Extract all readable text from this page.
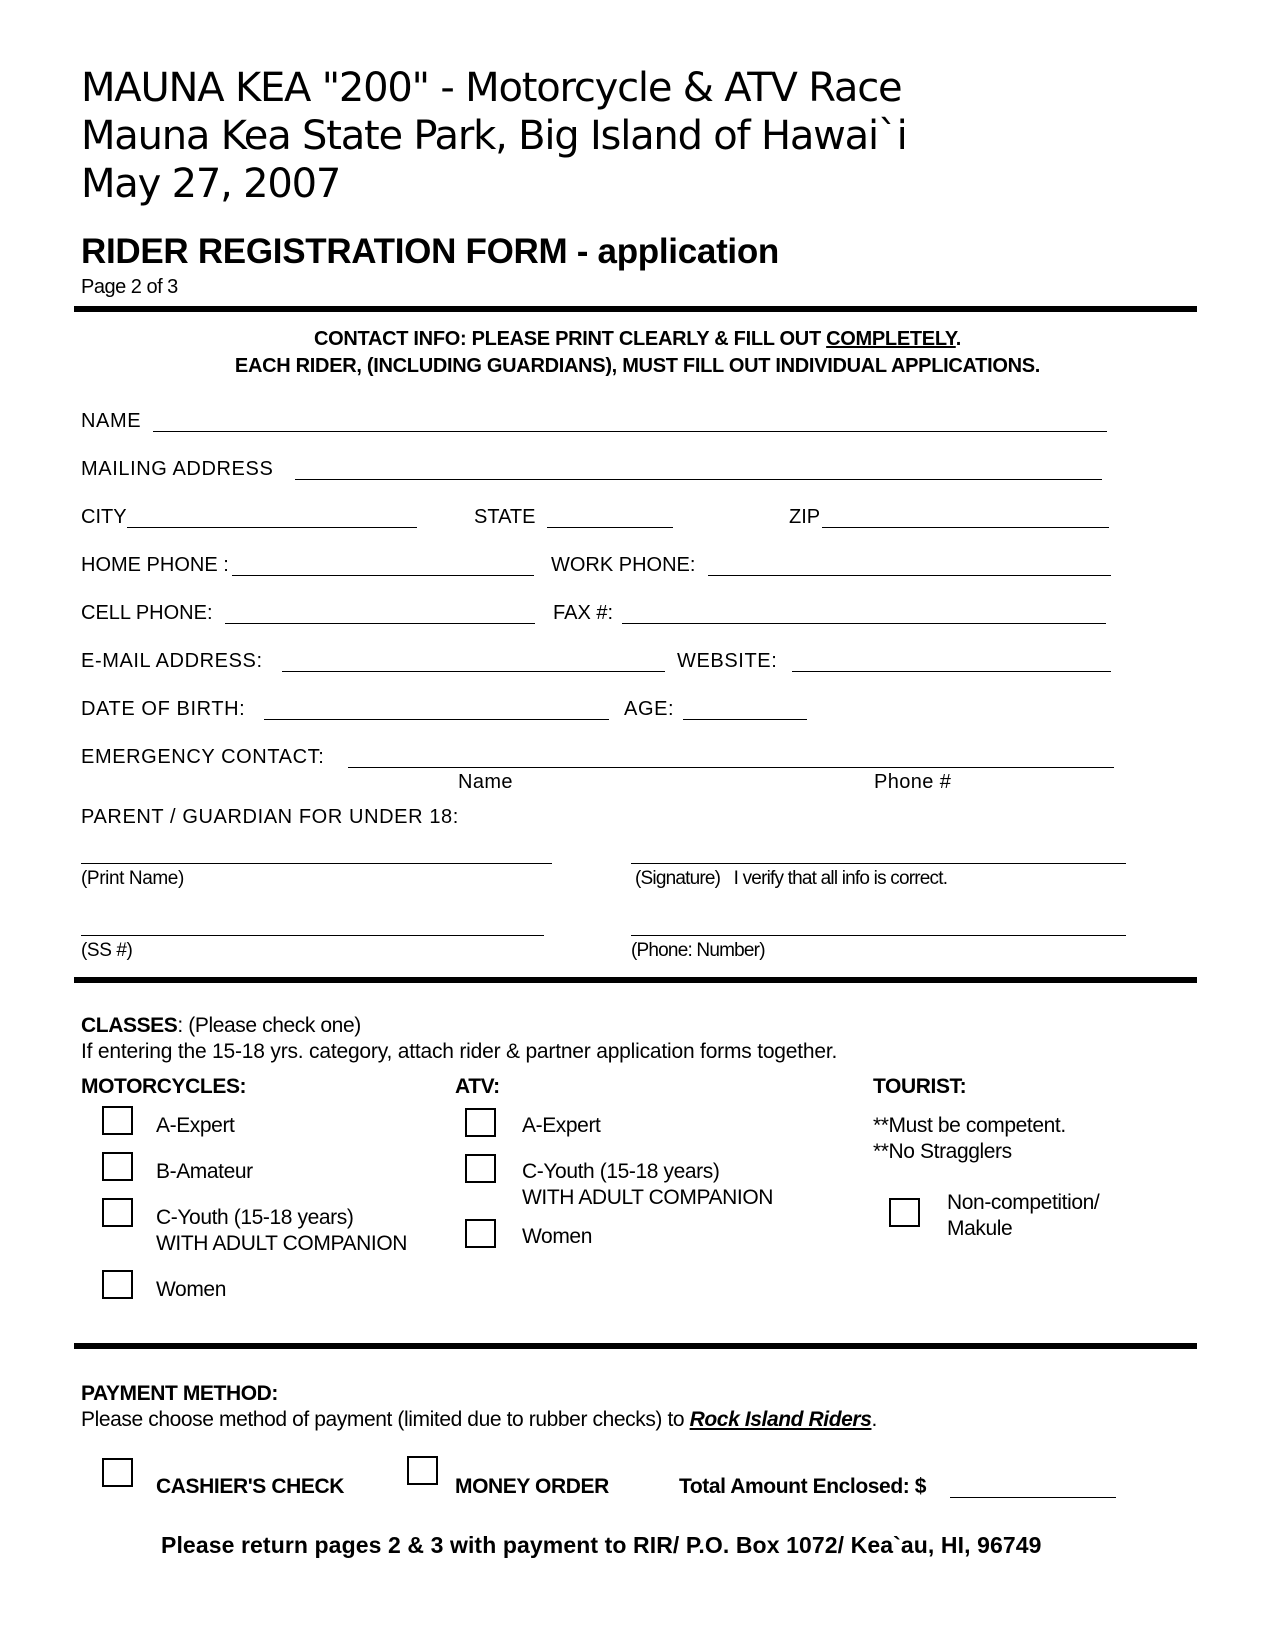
MAUNA KEA "200" - Motorcycle & ATV Race
Mauna Kea State Park, Big Island of Hawai`i
May 27, 2007
RIDER REGISTRATION FORM - application
Page 2 of 3
CONTACT INFO: PLEASE PRINT CLEARLY & FILL OUT COMPLETELY.
EACH RIDER, (INCLUDING GUARDIANS), MUST FILL OUT INDIVIDUAL APPLICATIONS.
NAME
MAILING ADDRESS
CITY	STATE	ZIP
HOME PHONE :	WORK PHONE:
CELL PHONE:	FAX #:
E-MAIL ADDRESS:	WEBSITE:
DATE OF BIRTH:	AGE:
EMERGENCY CONTACT:
Name	Phone #
PARENT / GUARDIAN FOR UNDER 18:
(Print Name)	(Signature) I verify that all info is correct.
(SS #)	(Phone: Number)
CLASSES: (Please check one)
If entering the 15-18 yrs. category, attach rider & partner application forms together.
MOTORCYCLES:	ATV:	TOURIST:
A-Expert
B-Amateur
C-Youth (15-18 years)
WITH ADULT COMPANION
Women
A-Expert
C-Youth (15-18 years)
WITH ADULT COMPANION
Women
**Must be competent.
**No Stragglers
Non-competition/
Makule
PAYMENT METHOD:
Please choose method of payment (limited due to rubber checks) to Rock Island Riders.
CASHIER'S CHECK	MONEY ORDER	Total Amount Enclosed: $
Please return pages 2 & 3 with payment to RIR/ P.O. Box 1072/ Kea`au, HI, 96749
